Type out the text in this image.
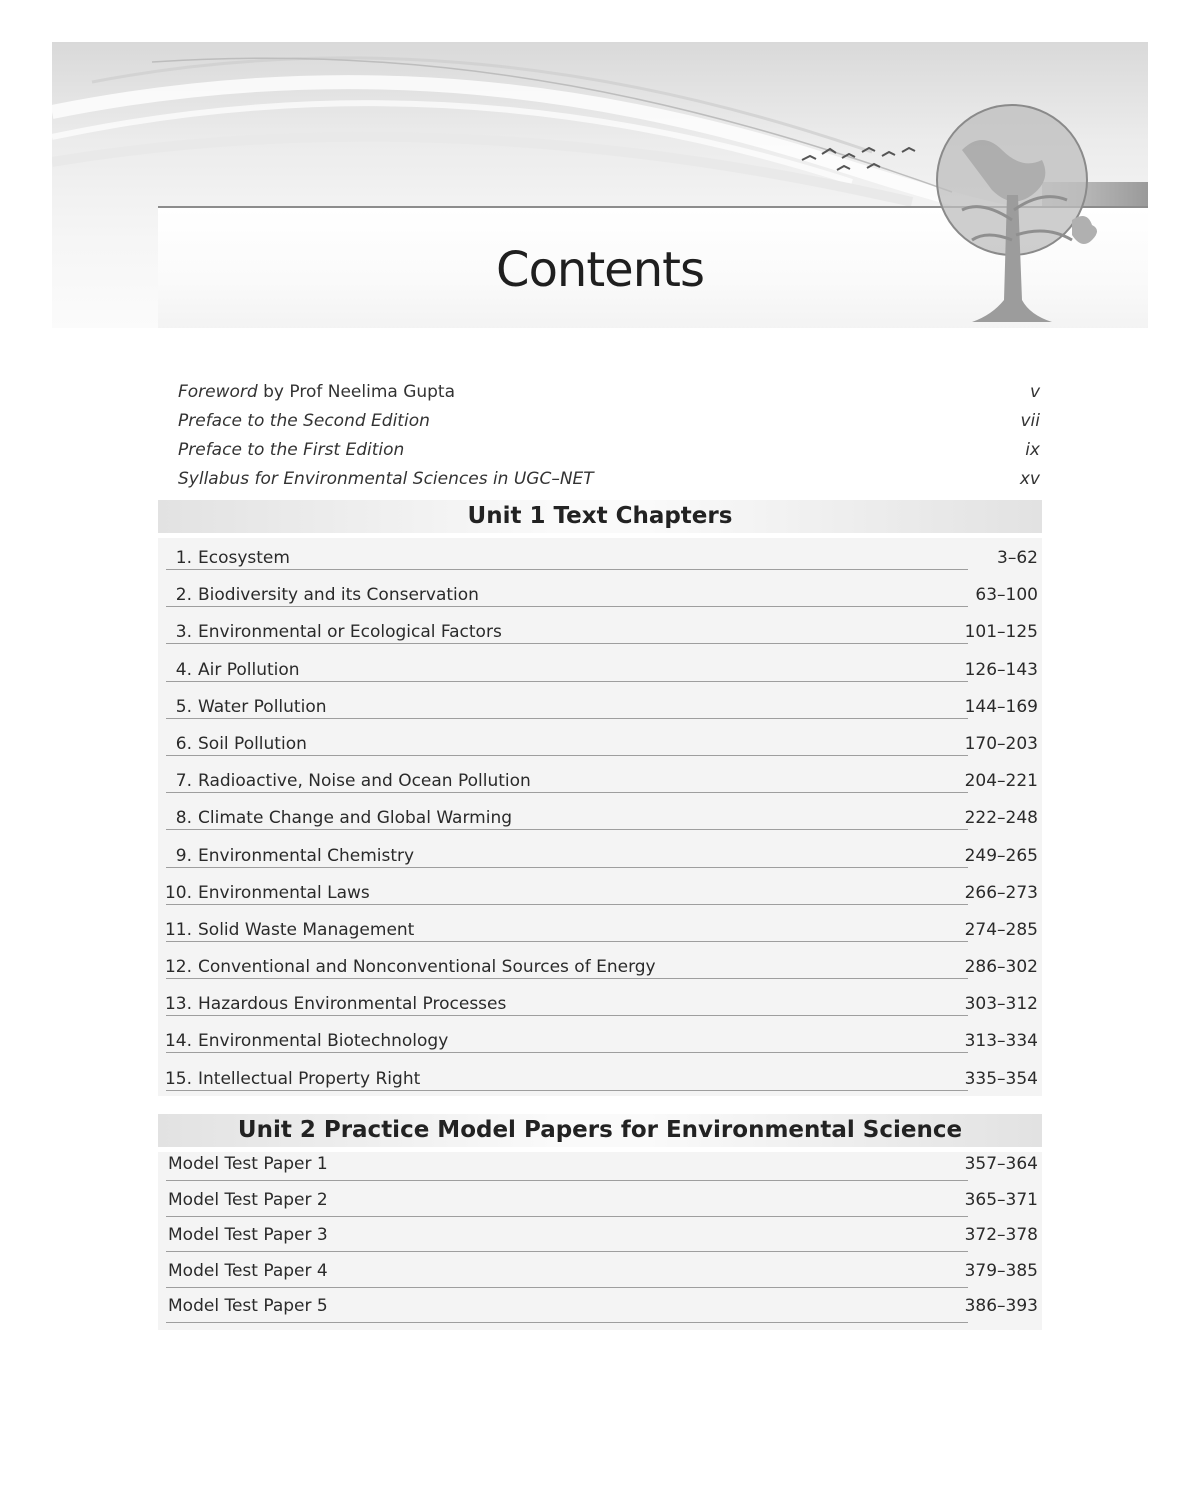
Contents
Foreword by Prof Neelima Gupta	v
Preface to the Second Edition	vii
Preface to the First Edition	ix
Syllabus for Environmental Sciences in UGC–NET	xv
Unit 1 Text Chapters
1. Ecosystem	3–62
2. Biodiversity and its Conservation	63–100
3. Environmental or Ecological Factors	101–125
4. Air Pollution	126–143
5. Water Pollution	144–169
6. Soil Pollution	170–203
7. Radioactive, Noise and Ocean Pollution	204–221
8. Climate Change and Global Warming	222–248
9. Environmental Chemistry	249–265
10. Environmental Laws	266–273
11. Solid Waste Management	274–285
12. Conventional and Nonconventional Sources of Energy	286–302
13. Hazardous Environmental Processes	303–312
14. Environmental Biotechnology	313–334
15. Intellectual Property Right	335–354
Unit 2 Practice Model Papers for Environmental Science
Model Test Paper 1	357–364
Model Test Paper 2	365–371
Model Test Paper 3	372–378
Model Test Paper 4	379–385
Model Test Paper 5	386–393
